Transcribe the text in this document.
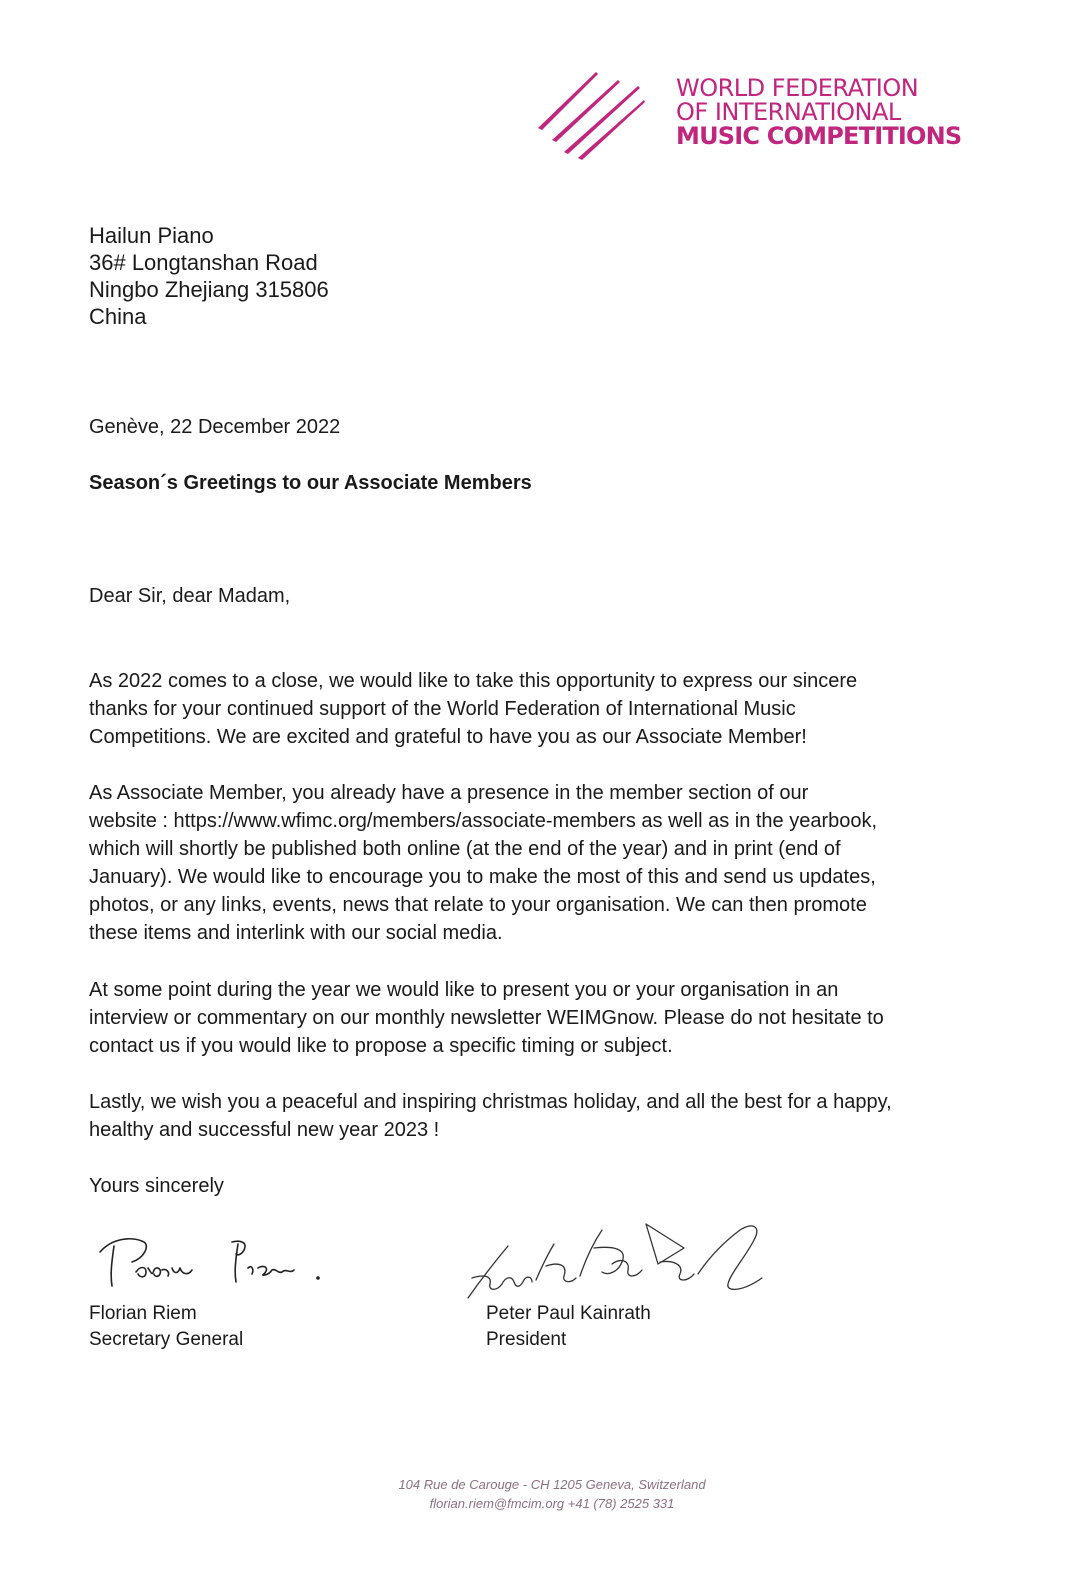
WORLD FEDERATION
OF INTERNATIONAL
MUSIC COMPETITIONS
Hailun Piano
36# Longtanshan Road
Ningbo Zhejiang 315806
China
Genève, 22 December 2022
Season´s Greetings to our Associate Members
Dear Sir, dear Madam,
As 2022 comes to a close, we would like to take this opportunity to express our sincere
thanks for your continued support of the World Federation of International Music
Competitions. We are excited and grateful to have you as our Associate Member!
As Associate Member, you already have a presence in the member section of our
website : https://www.wfimc.org/members/associate-members as well as in the yearbook,
which will shortly be published both online (at the end of the year) and in print (end of
January). We would like to encourage you to make the most of this and send us updates,
photos, or any links, events, news that relate to your organisation. We can then promote
these items and interlink with our social media.
At some point during the year we would like to present you or your organisation in an
interview or commentary on our monthly newsletter WEIMGnow. Please do not hesitate to
contact us if you would like to propose a specific timing or subject.
Lastly, we wish you a peaceful and inspiring christmas holiday, and all the best for a happy,
healthy and successful new year 2023 !
Yours sincerely
Florian Riem
Secretary General
Peter Paul Kainrath
President
104 Rue de Carouge - CH 1205 Geneva, Switzerland
florian.riem@fmcim.org +41 (78) 2525 331
